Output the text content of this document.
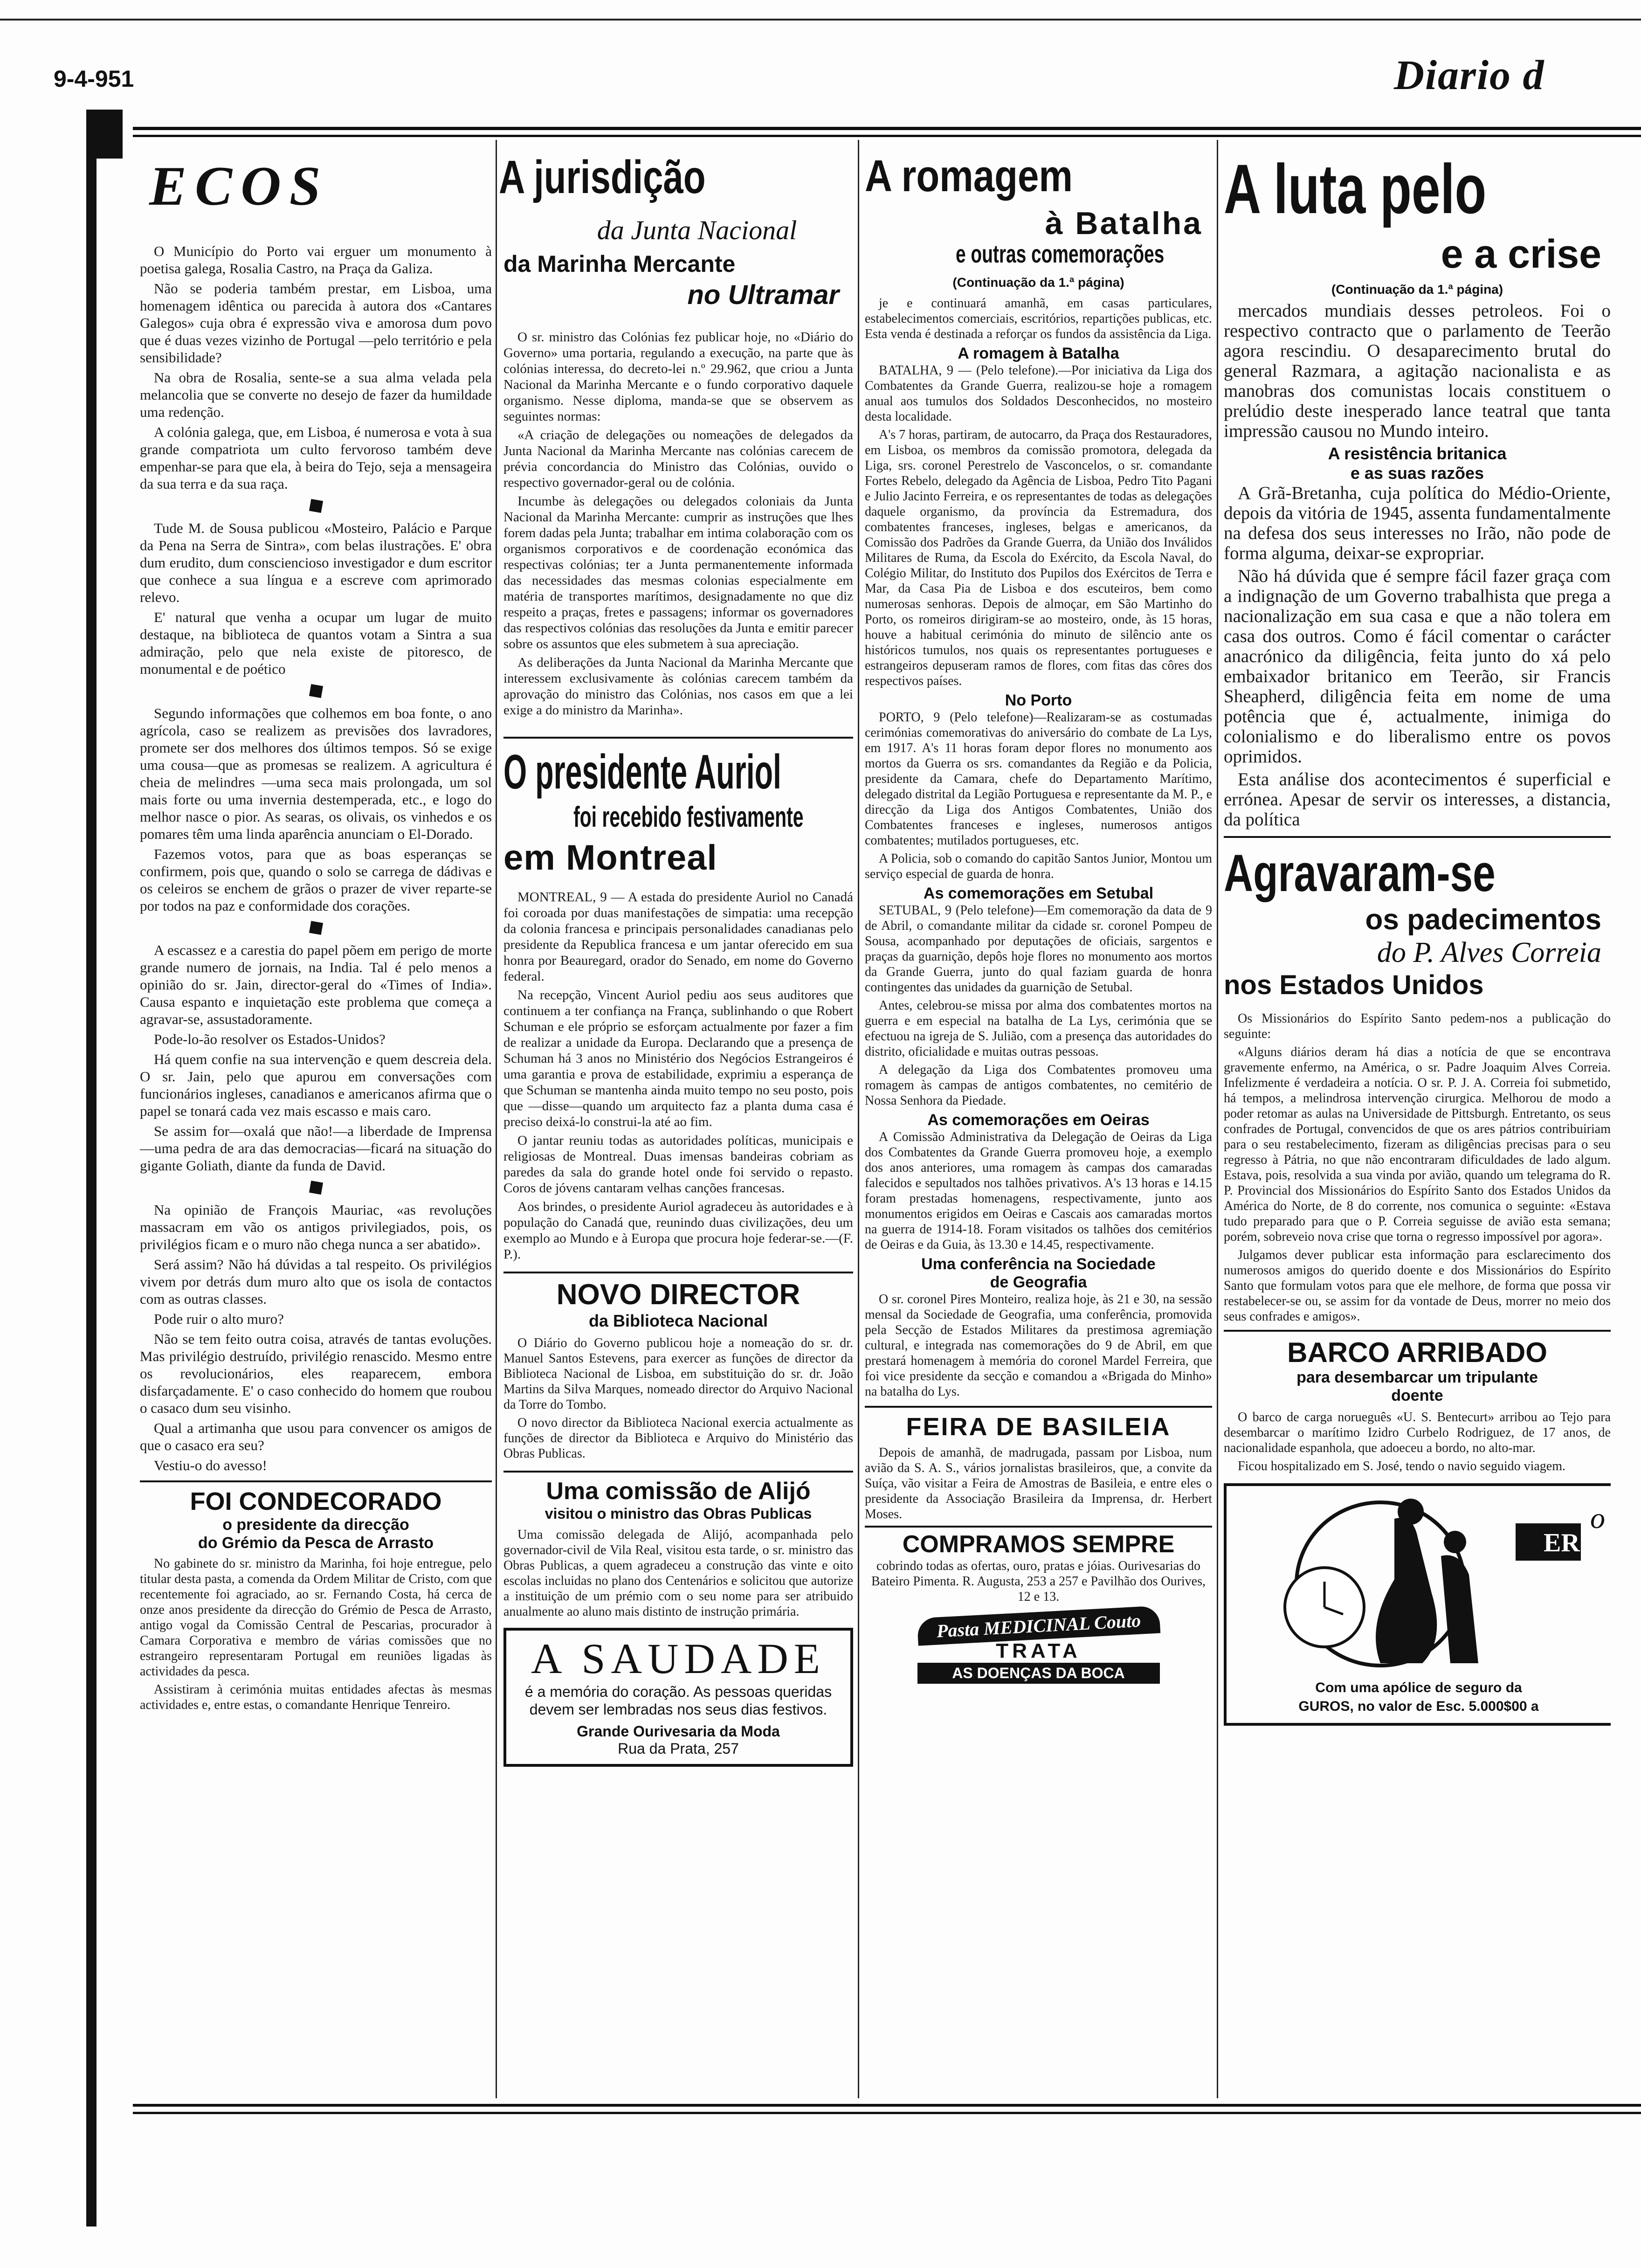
9-4-951	Diario d
ECOS

O Município do Porto vai erguer um monumento à poetisa galega, Rosalia Castro, na Praça da Galiza.

Não se poderia também prestar, em Lisboa, uma homenagem idêntica ou parecida à autora dos «Cantares Galegos» cuja obra é expressão viva e amorosa dum povo que é duas vezes vizinho de Portugal —pelo território e pela sensibilidade?

Na obra de Rosalia, sente-se a sua alma velada pela melancolia que se converte no desejo de fazer da humildade uma redenção.

A colónia galega, que, em Lisboa, é numerosa e vota à sua grande compatriota um culto fervoroso também deve empenhar-se para que ela, à beira do Tejo, seja a mensageira da sua terra e da sua raça.

Tude M. de Sousa publicou «Mosteiro, Palácio e Parque da Pena na Serra de Sintra», com belas ilustrações. E' obra dum erudito, dum consciencioso investigador e dum escritor que conhece a sua língua e a escreve com aprimorado relevo.

E' natural que venha a ocupar um lugar de muito destaque, na biblioteca de quantos votam a Sintra a sua admiração, pelo que nela existe de pitoresco, de monumental e de poético

Segundo informações que colhemos em boa fonte, o ano agrícola, caso se realizem as previsões dos lavradores, promete ser dos melhores dos últimos tempos. Só se exige uma cousa—que as promesas se realizem. A agricultura é cheia de melindres —uma seca mais prolongada, um sol mais forte ou uma invernia destemperada, etc., e logo do melhor nasce o pior. As searas, os olivais, os vinhedos e os pomares têm uma linda aparência anunciam o El-Dorado.

Fazemos votos, para que as boas esperanças se confirmem, pois que, quando o solo se carrega de dádivas e os celeiros se enchem de grãos o prazer de viver reparte-se por todos na paz e conformidade dos corações.

A escassez e a carestia do papel põem em perigo de morte grande numero de jornais, na India. Tal é pelo menos a opinião do sr. Jain, director-geral do «Times of India». Causa espanto e inquietação este problema que começa a agravar-se, assustadoramente.

Pode-lo-ão resolver os Estados-Unidos?

Há quem confie na sua intervenção e quem descreia dela. O sr. Jain, pelo que apurou em conversações com funcionários ingleses, canadianos e americanos afirma que o papel se tonará cada vez mais escasso e mais caro.

Se assim for—oxalá que não!—a liberdade de Imprensa—uma pedra de ara das democracias—ficará na situação do gigante Goliath, diante da funda de David.

Na opinião de François Mauriac, «as revoluções massacram em vão os antigos privilegiados, pois, os privilégios ficam e o muro não chega nunca a ser abatido».

Será assim? Não há dúvidas a tal respeito. Os privilégios vivem por detrás dum muro alto que os isola de contactos com as outras classes.

Pode ruir o alto muro?

Não se tem feito outra coisa, através de tantas evoluções. Mas privilégio destruído, privilégio renascido. Mesmo entre os revolucionários, eles reaparecem, embora disfarçadamente. E' o caso conhecido do homem que roubou o casaco dum seu visinho.

Qual a artimanha que usou para convencer os amigos de que o casaco era seu?

Vestiu-o do avesso!

FOI CONDECORADO
o presidente da direcção
do Grémio da Pesca de Arrasto

No gabinete do sr. ministro da Marinha, foi hoje entregue, pelo titular desta pasta, a comenda da Ordem Militar de Cristo, com que recentemente foi agraciado, ao sr. Fernando Costa, há cerca de onze anos presidente da direcção do Grémio de Pesca de Arrasto, antigo vogal da Comissão Central de Pescarias, procurador à Camara Corporativa e membro de várias comissões que no estrangeiro representaram Portugal em reuniões ligadas às actividades da pesca.

Assistiram à cerimónia muitas entidades afectas às mesmas actividades e, entre estas, o comandante Henrique Tenreiro.

A jurisdição
da Junta Nacional
da Marinha Mercante
no Ultramar

O sr. ministro das Colónias fez publicar hoje, no «Diário do Governo» uma portaria, regulando a execução, na parte que às colónias interessa, do decreto-lei n.º 29.962, que criou a Junta Nacional da Marinha Mercante e o fundo corporativo daquele organismo. Nesse diploma, manda-se que se observem as seguintes normas:

«A criação de delegações ou nomeações de delegados da Junta Nacional da Marinha Mercante nas colónias carecem de prévia concordancia do Ministro das Colónias, ouvido o respectivo governador-geral ou de colónia.

Incumbe às delegações ou delegados coloniais da Junta Nacional da Marinha Mercante: cumprir as instruções que lhes forem dadas pela Junta; trabalhar em intima colaboração com os organismos corporativos e de coordenação económica das respectivas colónias; ter a Junta permanentemente informada das necessidades das mesmas colonias especialmente em matéria de transportes marítimos, designadamente no que diz respeito a praças, fretes e passagens; informar os governadores das respectivos colónias das resoluções da Junta e emitir parecer sobre os assuntos que eles submetem à sua apreciação.

As deliberações da Junta Nacional da Marinha Mercante que interessem exclusivamente às colónias carecem também da aprovação do ministro das Colónias, nos casos em que a lei exige a do ministro da Marinha».

O presidente Auriol
foi recebido festivamente
em Montreal

MONTREAL, 9 — A estada do presidente Auriol no Canadá foi coroada por duas manifestações de simpatia: uma recepção da colonia francesa e principais personalidades canadianas pelo presidente da Republica francesa e um jantar oferecido em sua honra por Beauregard, orador do Senado, em nome do Governo federal.

Na recepção, Vincent Auriol pediu aos seus auditores que continuem a ter confiança na França, sublinhando o que Robert Schuman e ele próprio se esforçam actualmente por fazer a fim de realizar a unidade da Europa. Declarando que a presença de Schuman há 3 anos no Ministério dos Negócios Estrangeiros é uma garantia e prova de estabilidade, exprimiu a esperança de que Schuman se mantenha ainda muito tempo no seu posto, pois que —disse—quando um arquitecto faz a planta duma casa é preciso deixá-lo construi-la até ao fim.

O jantar reuniu todas as autoridades políticas, municipais e religiosas de Montreal. Duas imensas bandeiras cobriam as paredes da sala do grande hotel onde foi servido o repasto. Coros de jóvens cantaram velhas canções francesas.

Aos brindes, o presidente Auriol agradeceu às autoridades e à população do Canadá que, reunindo duas civilizações, deu um exemplo ao Mundo e à Europa que procura hoje federar-se.—(F. P.).

NOVO DIRECTOR
da Biblioteca Nacional

O Diário do Governo publicou hoje a nomeação do sr. dr. Manuel Santos Estevens, para exercer as funções de director da Biblioteca Nacional de Lisboa, em substituição do sr. dr. João Martins da Silva Marques, nomeado director do Arquivo Nacional da Torre do Tombo.

O novo director da Biblioteca Nacional exercia actualmente as funções de director da Biblioteca e Arquivo do Ministério das Obras Publicas.

Uma comissão de Alijó
visitou o ministro das Obras Publicas

Uma comissão delegada de Alijó, acompanhada pelo governador-civil de Vila Real, visitou esta tarde, o sr. ministro das Obras Publicas, a quem agradeceu a construção das vinte e oito escolas incluidas no plano dos Centenários e solicitou que autorize a instituição de um prémio com o seu nome para ser atribuido anualmente ao aluno mais distinto de instrução primária.

A SAUDADE
é a memória do coração. As pessoas queridas devem ser lembradas nos seus dias festivos.
Grande Ourivesaria da Moda
Rua da Prata, 257
A romagem
à Batalha
e outras comemorações
(Continuação da 1.ª página)

je e continuará amanhã, em casas particulares, estabelecimentos comerciais, escritórios, repartições publicas, etc. Esta venda é destinada a reforçar os fundos da assistência da Liga.

A romagem à Batalha

BATALHA, 9 — (Pelo telefone).—Por iniciativa da Liga dos Combatentes da Grande Guerra, realizou-se hoje a romagem anual aos tumulos dos Soldados Desconhecidos, no mosteiro desta localidade.

A's 7 horas, partiram, de autocarro, da Praça dos Restauradores, em Lisboa, os membros da comissão promotora, delegada da Liga, srs. coronel Perestrelo de Vasconcelos, o sr. comandante Fortes Rebelo, delegado da Agência de Lisboa, Pedro Tito Pagani e Julio Jacinto Ferreira, e os representantes de todas as delegações daquele organismo, da província da Estremadura, dos combatentes franceses, ingleses, belgas e americanos, da Comissão dos Padrões da Grande Guerra, da União dos Inválidos Militares de Ruma, da Escola do Exército, da Escola Naval, do Colégio Militar, do Instituto dos Pupilos dos Exércitos de Terra e Mar, da Casa Pia de Lisboa e dos escuteiros, bem como numerosas senhoras. Depois de almoçar, em São Martinho do Porto, os romeiros dirigiram-se ao mosteiro, onde, às 15 horas, houve a habitual cerimónia do minuto de silêncio ante os históricos tumulos, nos quais os representantes portugueses e estrangeiros depuseram ramos de flores, com fitas das côres dos respectivos países.

No Porto

PORTO, 9 (Pelo telefone)—Realizaram-se as costumadas cerimónias comemorativas do aniversário do combate de La Lys, em 1917. A's 11 horas foram depor flores no monumento aos mortos da Guerra os srs. comandantes da Região e da Policia, presidente da Camara, chefe do Departamento Marítimo, delegado distrital da Legião Portuguesa e representante da M. P., e direcção da Liga dos Antigos Combatentes, União dos Combatentes franceses e ingleses, numerosos antigos combatentes; mutilados portugueses, etc.

A Policia, sob o comando do capitão Santos Junior, Montou um serviço especial de guarda de honra.

As comemorações em Setubal

SETUBAL, 9 (Pelo telefone)—Em comemoração da data de 9 de Abril, o comandante militar da cidade sr. coronel Pompeu de Sousa, acompanhado por deputações de oficiais, sargentos e praças da guarnição, depôs hoje flores no monumento aos mortos da Grande Guerra, junto do qual faziam guarda de honra contingentes das unidades da guarnição de Setubal.

Antes, celebrou-se missa por alma dos combatentes mortos na guerra e em especial na batalha de La Lys, cerimónia que se efectuou na igreja de S. Julião, com a presença das autoridades do distrito, oficialidade e muitas outras pessoas.

A delegação da Liga dos Combatentes promoveu uma romagem às campas de antigos combatentes, no cemitério de Nossa Senhora da Piedade.

As comemorações em Oeiras

A Comissão Administrativa da Delegação de Oeiras da Liga dos Combatentes da Grande Guerra promoveu hoje, a exemplo dos anos anteriores, uma romagem às campas dos camaradas falecidos e sepultados nos talhões privativos. A's 13 horas e 14.15 foram prestadas homenagens, respectivamente, junto aos monumentos erigidos em Oeiras e Cascais aos camaradas mortos na guerra de 1914-18. Foram visitados os talhões dos cemitérios de Oeiras e da Guia, às 13.30 e 14.45, respectivamente.

Uma conferência na Sociedade
de Geografia

O sr. coronel Pires Monteiro, realiza hoje, às 21 e 30, na sessão mensal da Sociedade de Geografia, uma conferência, promovida pela Secção de Estados Militares da prestimosa agremiação cultural, e integrada nas comemorações do 9 de Abril, em que prestará homenagem à memória do coronel Mardel Ferreira, que foi vice presidente da secção e comandou a «Brigada do Minho» na batalha do Lys.

FEIRA DE BASILEIA

Depois de amanhã, de madrugada, passam por Lisboa, num avião da S. A. S., vários jornalistas brasileiros, que, a convite da Suíça, vão visitar a Feira de Amostras de Basileia, e entre eles o presidente da Associação Brasileira da Imprensa, dr. Herbert Moses.

COMPRAMOS SEMPRE
cobrindo todas as ofertas, ouro, pratas e jóias. Ourivesarias do Bateiro Pimenta. R. Augusta, 253 a 257 e Pavilhão dos Ourives, 12 e 13.
Pasta MEDICINAL Couto
TRATA
AS DOENÇAS DA BOCA
A luta pelo
e a crise
(Continuação da 1.ª página)

mercados mundiais desses petroleos. Foi o respectivo contracto que o parlamento de Teerão agora rescindiu. O desaparecimento brutal do general Razmara, a agitação nacionalista e as manobras dos comunistas locais constituem o prelúdio deste inesperado lance teatral que tanta impressão causou no Mundo inteiro.

A resistência britanica
e as suas razões

A Grã-Bretanha, cuja política do Médio-Oriente, depois da vitória de 1945, assenta fundamentalmente na defesa dos seus interesses no Irão, não pode de forma alguma, deixar-se expropriar.

Não há dúvida que é sempre fácil fazer graça com a indignação de um Governo trabalhista que prega a nacionalização em sua casa e que a não tolera em casa dos outros. Como é fácil comentar o carácter anacrónico da diligência, feita junto do xá pelo embaixador britanico em Teerão, sir Francis Sheapherd, diligência feita em nome de uma potência que é, actualmente, inimiga do colonialismo e do liberalismo entre os povos oprimidos.

Esta análise dos acontecimentos é superficial e errónea. Apesar de servir os interesses, a distancia, da política

Agravaram-se
os padecimentos
do P. Alves Correia
nos Estados Unidos

Os Missionários do Espírito Santo pedem-nos a publicação do seguinte:

«Alguns diários deram há dias a notícia de que se encontrava gravemente enfermo, na América, o sr. Padre Joaquim Alves Correia. Infelizmente é verdadeira a notícia. O sr. P. J. A. Correia foi submetido, há tempos, a melindrosa intervenção cirurgica. Melhorou de modo a poder retomar as aulas na Universidade de Pittsburgh. Entretanto, os seus confrades de Portugal, convencidos de que os ares pátrios contribuiriam para o seu restabelecimento, fizeram as diligências precisas para o seu regresso à Pátria, no que não encontraram dificuldades de lado algum. Estava, pois, resolvida a sua vinda por avião, quando um telegrama do R. P. Provincial dos Missionários do Espírito Santo dos Estados Unidos da América do Norte, de 8 do corrente, nos comunica o seguinte: «Estava tudo preparado para que o P. Correia seguisse de avião esta semana; porém, sobreveio nova crise que torna o regresso impossível por agora».

Julgamos dever publicar esta informação para esclarecimento dos numerosos amigos do querido doente e dos Missionários do Espírito Santo que formulam votos para que ele melhore, de forma que possa vir restabelecer-se ou, se assim for da vontade de Deus, morrer no meio dos seus confrades e amigos».

BARCO ARRIBADO
para desembarcar um tripulante
doente

O barco de carga norueguês «U. S. Bentecurt» arribou ao Tejo para desembarcar o marítimo Izidro Curbelo Rodriguez, de 17 anos, de nacionalidade espanhola, que adoeceu a bordo, no alto-mar.

Ficou hospitalizado em S. José, tendo o navio seguido viagem.

ER
o
Com uma apólice de seguro da
GUROS, no valor de Esc. 5.000$00 a
